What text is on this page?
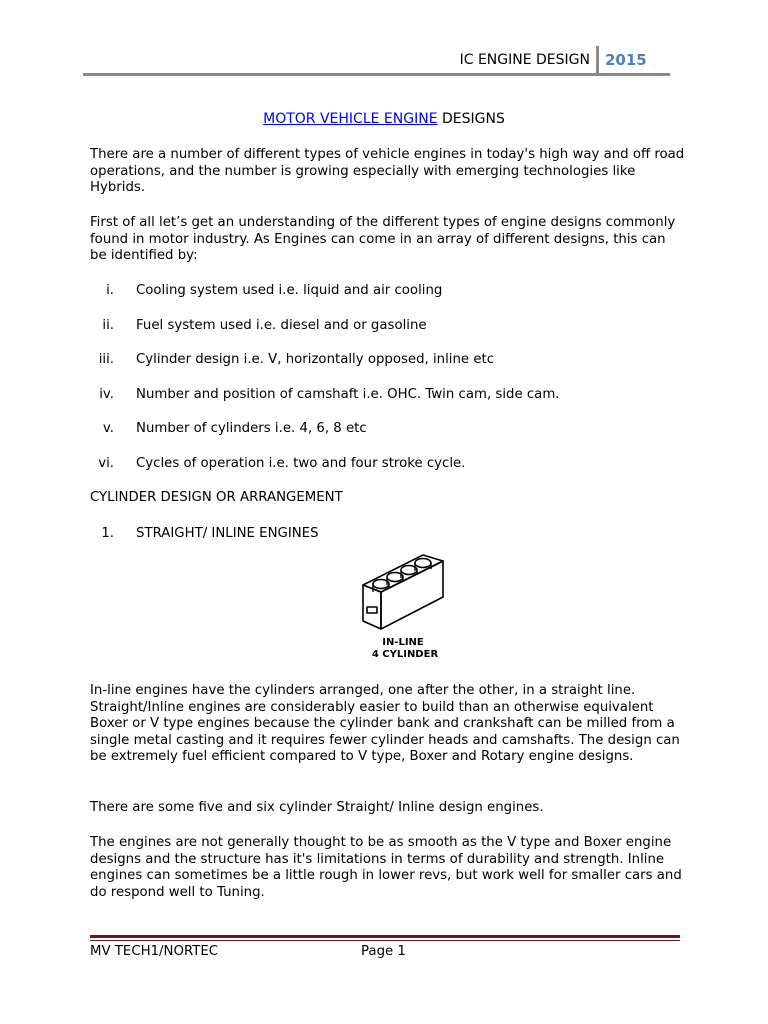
IC ENGINE DESIGN 2015
MOTOR VEHICLE ENGINE DESIGNS
There are a number of different types of vehicle engines in today's high way and off road operations, and the number is growing especially with emerging technologies like Hybrids.
First of all let’s get an understanding of the different types of engine designs commonly found in motor industry. As Engines can come in an array of different designs, this can be identified by:
i. Cooling system used i.e. liquid and air cooling
ii. Fuel system used i.e. diesel and or gasoline
iii. Cylinder design i.e. V, horizontally opposed, inline etc
iv. Number and position of camshaft i.e. OHC. Twin cam, side cam.
v. Number of cylinders i.e. 4, 6, 8 etc
vi. Cycles of operation i.e. two and four stroke cycle.
CYLINDER DESIGN OR ARRANGEMENT
1. STRAIGHT/ INLINE ENGINES
IN-LINE
4 CYLINDER
In-line engines have the cylinders arranged, one after the other, in a straight line. Straight/Inline engines are considerably easier to build than an otherwise equivalent Boxer or V type engines because the cylinder bank and crankshaft can be milled from a single metal casting and it requires fewer cylinder heads and camshafts. The design can be extremely fuel efficient compared to V type, Boxer and Rotary engine designs.
There are some five and six cylinder Straight/ Inline design engines.
The engines are not generally thought to be as smooth as the V type and Boxer engine designs and the structure has it's limitations in terms of durability and strength. Inline engines can sometimes be a little rough in lower revs, but work well for smaller cars and do respond well to Tuning.
MV TECH1/NORTEC	Page 1
